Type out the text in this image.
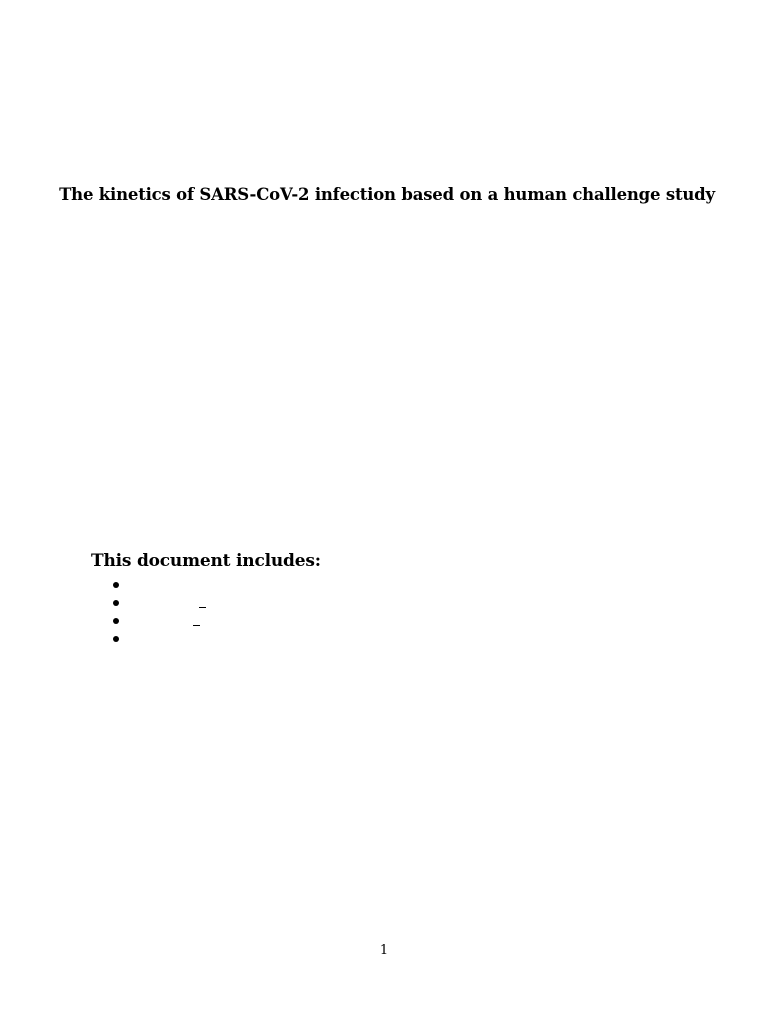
The kinetics of SARS-CoV-2 infection based on a human challenge study
This document includes:
1
